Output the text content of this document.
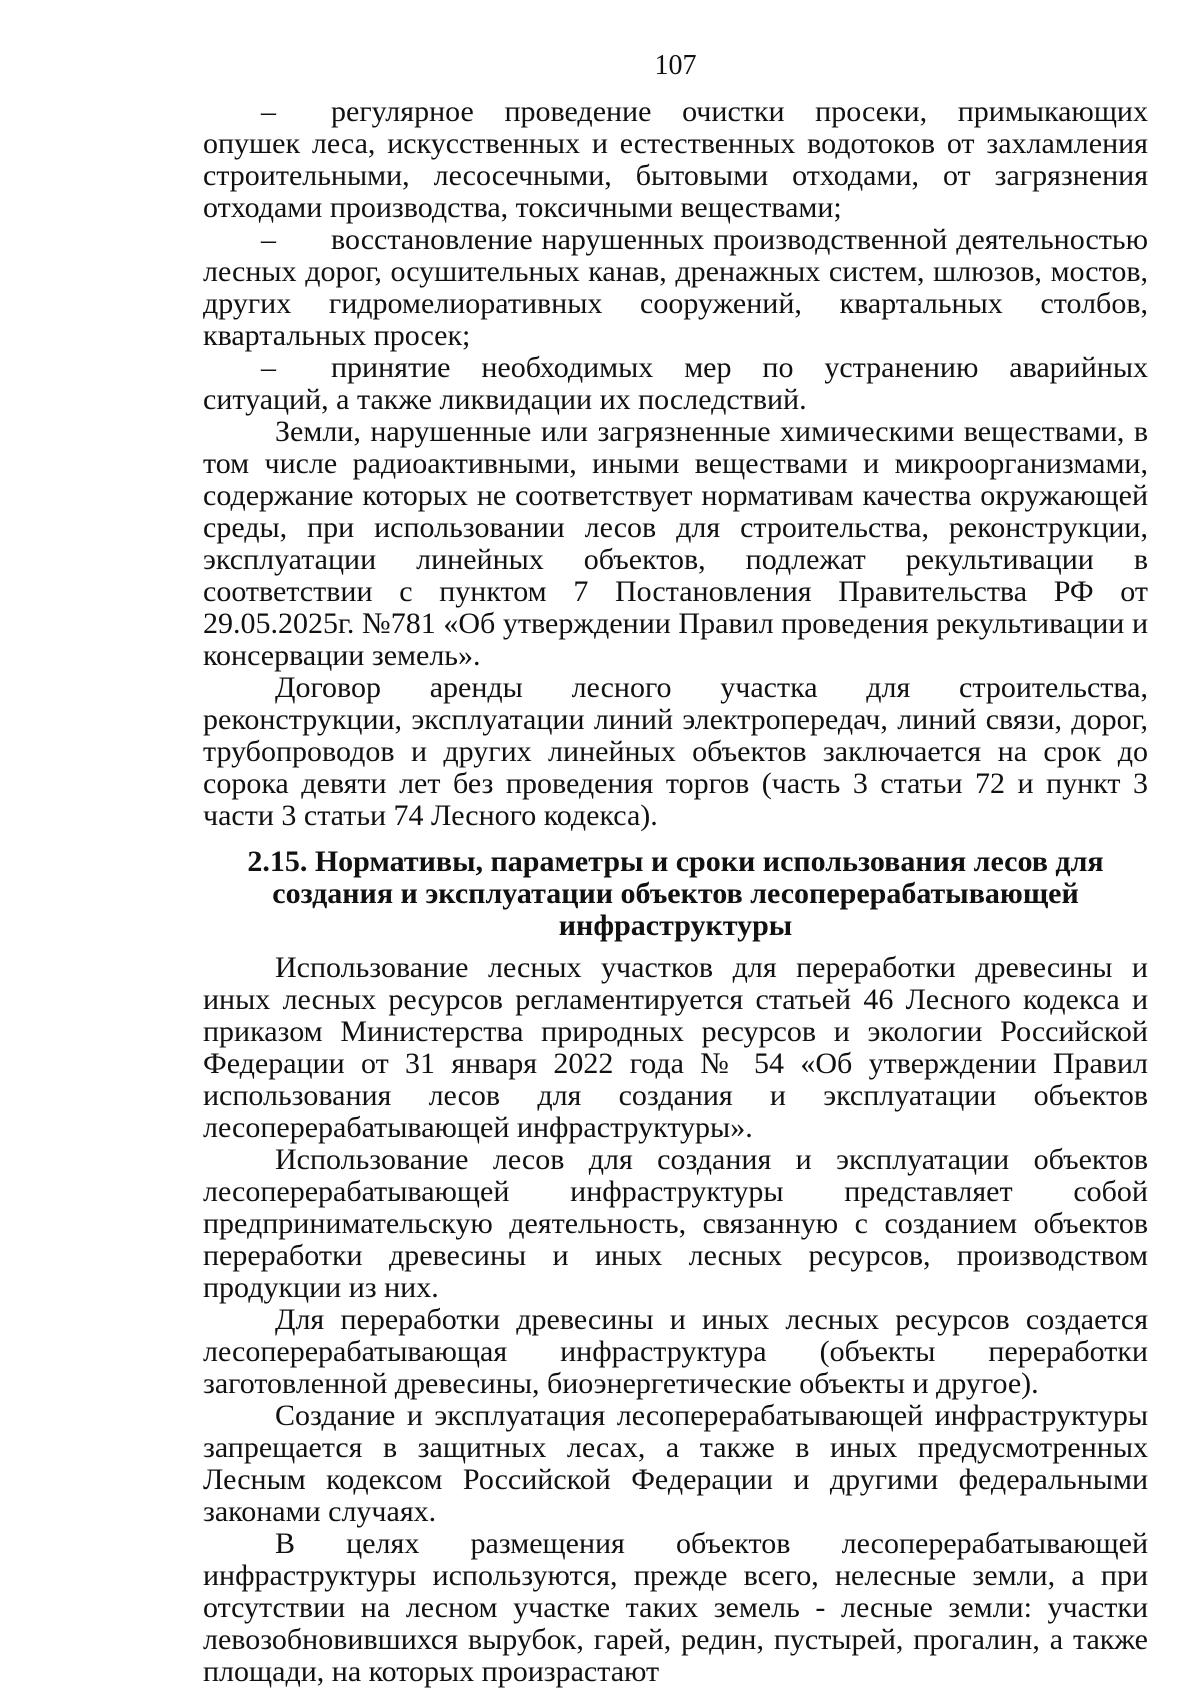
107

– регулярное проведение очистки просеки, примыкающих опушек леса, искусственных и естественных водотоков от захламления строительными, лесосечными, бытовыми отходами, от загрязнения отходами производства, токсичными веществами;

– восстановление нарушенных производственной деятельностью лесных дорог, осушительных канав, дренажных систем, шлюзов, мостов, других гидромелиоративных сооружений, квартальных столбов, квартальных просек;

– принятие необходимых мер по устранению аварийных ситуаций, а также ликвидации их последствий.

Земли, нарушенные или загрязненные химическими веществами, в том числе радиоактивными, иными веществами и микроорганизмами, содержание которых не соответствует нормативам качества окружающей среды, при использовании лесов для строительства, реконструкции, эксплуатации линейных объектов, подлежат рекультивации в соответствии с пунктом 7 Постановления Правительства РФ от 29.05.2025г. №781 «Об утверждении Правил проведения рекультивации и консервации земель».

Договор аренды лесного участка для строительства, реконструкции, эксплуатации линий электропередач, линий связи, дорог, трубопроводов и других линейных объектов заключается на срок до сорока девяти лет без проведения торгов (часть 3 статьи 72 и пункт 3 части 3 статьи 74 Лесного кодекса).

2.15. Нормативы, параметры и сроки использования лесов для создания и эксплуатации объектов лесоперерабатывающей инфраструктуры

Использование лесных участков для переработки древесины и иных лесных ресурсов регламентируется статьей 46 Лесного кодекса и приказом Министерства природных ресурсов и экологии Российской Федерации от 31 января 2022 года № 54 «Об утверждении Правил использования лесов для создания и эксплуатации объектов лесоперерабатывающей инфраструктуры».

Использование лесов для создания и эксплуатации объектов лесоперерабатывающей инфраструктуры представляет собой предпринимательскую деятельность, связанную с созданием объектов переработки древесины и иных лесных ресурсов, производством продукции из них.

Для переработки древесины и иных лесных ресурсов создается лесоперерабатывающая инфраструктура (объекты переработки заготовленной древесины, биоэнергетические объекты и другое).

Создание и эксплуатация лесоперерабатывающей инфраструктуры запрещается в защитных лесах, а также в иных предусмотренных Лесным кодексом Российской Федерации и другими федеральными законами случаях.

В целях размещения объектов лесоперерабатывающей инфраструктуры используются, прежде всего, нелесные земли, а при отсутствии на лесном участке таких земель - лесные земли: участки левозобновившихся вырубок, гарей, редин, пустырей, прогалин, а также площади, на которых произрастают
